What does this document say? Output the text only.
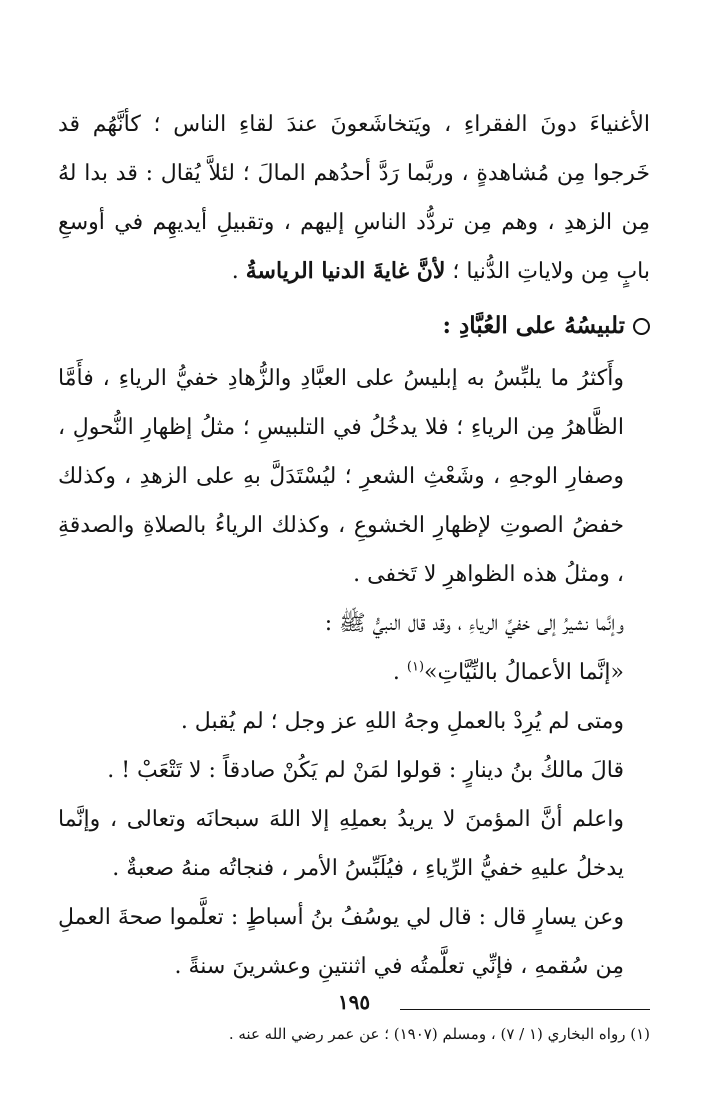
الأغنياءَ دونَ الفقراءِ ، ويَتخاشَعونَ عندَ لقاءِ الناس ؛ كأنَّهُم قد خَرجوا مِن مُشاهدةٍ ، وربَّما رَدَّ أحدُهم المالَ ؛ لئلاَّ يُقال : قد بدا لهُ مِن الزهدِ ، وهم مِن تردُّد الناسِ إليهم ، وتقبيلِ أيديهِم في أوسعِ بابٍ مِن ولاياتِ الدُّنيا ؛ لأنَّ غايةَ الدنيا الرياسةُ .

تلبيسُهُ على العُبَّادِ :

وأَكثرُ ما يلبِّسُ به إبليسُ على العبَّادِ والزُّهادِ خفيُّ الرياءِ ، فأَمَّا الظَّاهرُ مِن الرياءِ ؛ فلا يدخُلُ في التلبيسِ ؛ مثلُ إظهارِ النُّحولِ ، وصفارِ الوجهِ ، وشَعْثِ الشعرِ ؛ ليُسْتَدَلَّ بهِ على الزهدِ ، وكذلك خفضُ الصوتِ لإظهارِ الخشوعِ ، وكذلك الرياءُ بالصلاةِ والصدقةِ ، ومثلُ هذه الظواهرِ لا تَخفى .

وإنَّما نشيرُ إلى خفيِّ الرياءِ ، وقد قال النبيُّ ﷺ :

«إنَّما الأعمالُ بالنِّيَّاتِ»$^{(١)}$ .

ومتى لم يُرِدْ بالعملِ وجهُ اللهِ عز وجل ؛ لم يُقبل .

قالَ مالكُ بنُ دينارٍ : قولوا لمَنْ لم يَكُنْ صادقاً : لا تَتْعَبْ ! .

واعلم أنَّ المؤمنَ لا يريدُ بعملِهِ إلا اللهَ سبحانَه وتعالى ، وإنَّما يدخلُ عليهِ خفيُّ الرِّياءِ ، فيُلَبِّسُ الأمر ، فنجاتُه منهُ صعبةٌ .

وعن يسارٍ قال : قال لي يوسُفُ بنُ أسباطٍ : تعلَّموا صحةَ العملِ مِن سُقمهِ ، فإنِّي تعلَّمتُه في اثنتينِ وعشرينَ سنةً .

(١) رواه البخاري (١ / ٧) ، ومسلم (١٩٠٧) ؛ عن عمر رضي الله عنه .

١٩٥
